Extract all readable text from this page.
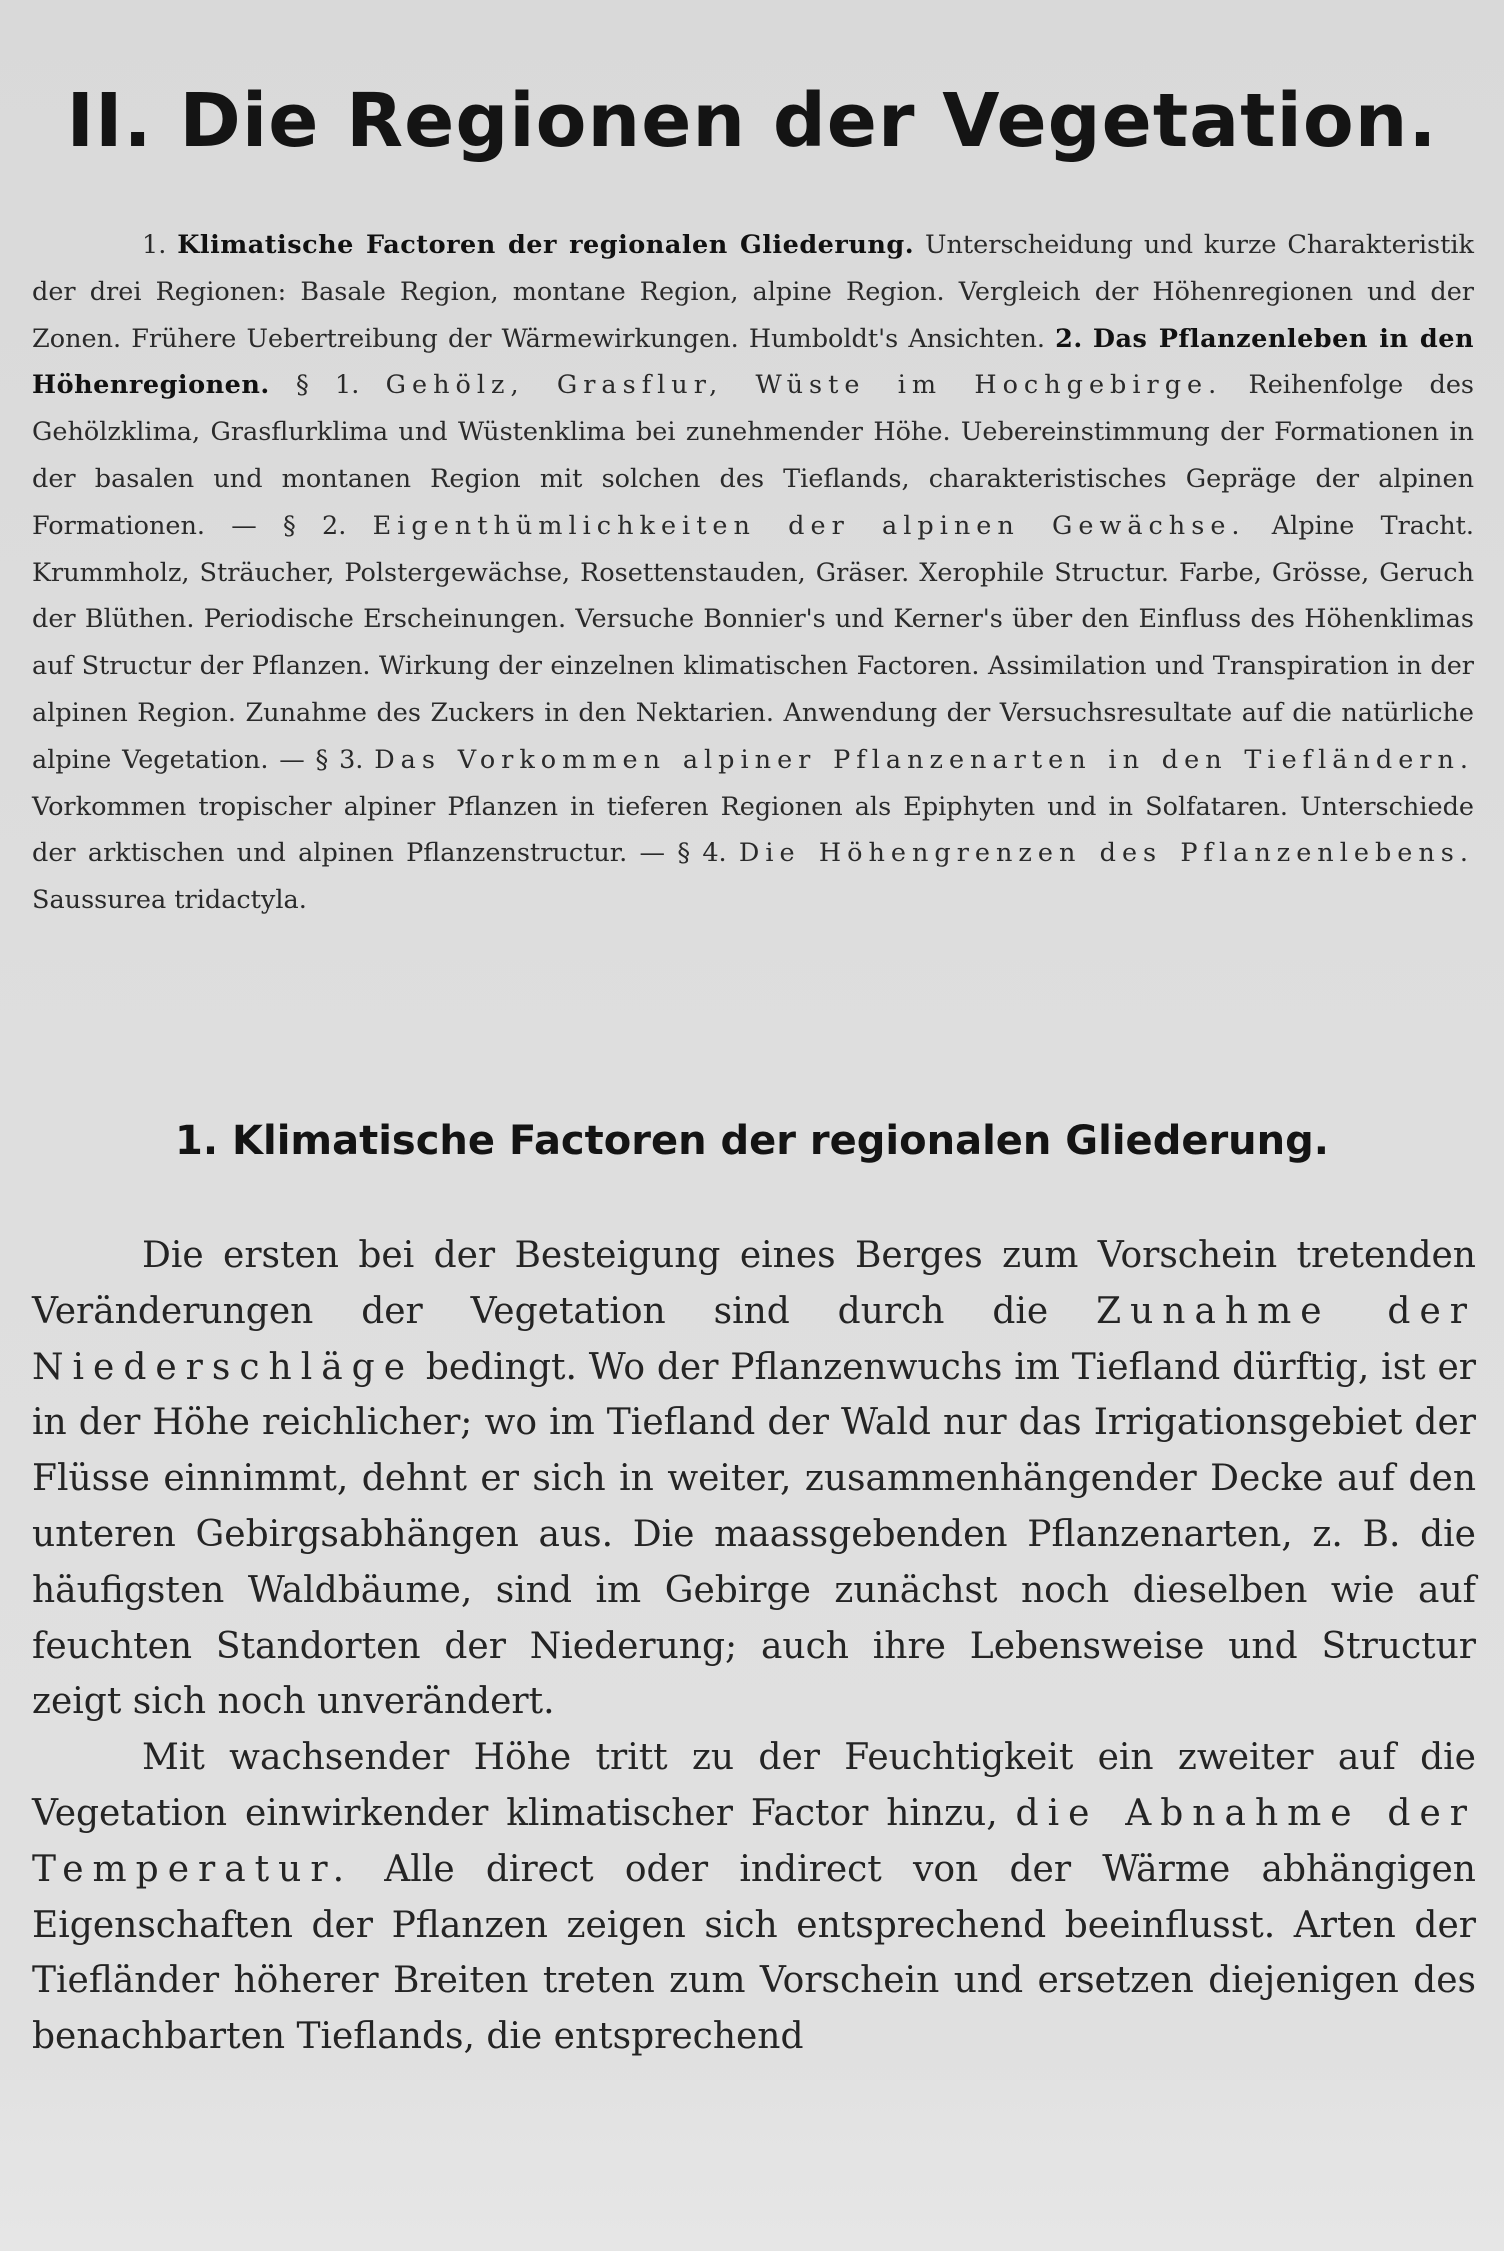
II. Die Regionen der Vegetation.

1. Klimatische Factoren der regionalen Gliederung. Unterscheidung und kurze Charakteristik der drei Regionen: Basale Region, montane Region, alpine Region. Vergleich der Höhenregionen und der Zonen. Frühere Uebertreibung der Wärmewirkungen. Humboldt's Ansichten. 2. Das Pflanzenleben in den Höhenregionen. § 1. Gehölz, Grasflur, Wüste im Hochgebirge. Reihenfolge des Gehölzklima, Grasflurklima und Wüstenklima bei zunehmender Höhe. Uebereinstimmung der Formationen in der basalen und montanen Region mit solchen des Tieflands, charakteristisches Gepräge der alpinen Formationen. — § 2. Eigenthümlichkeiten der alpinen Gewächse. Alpine Tracht. Krummholz, Sträucher, Polstergewächse, Rosettenstauden, Gräser. Xerophile Structur. Farbe, Grösse, Geruch der Blüthen. Periodische Erscheinungen. Versuche Bonnier's und Kerner's über den Einfluss des Höhenklimas auf Structur der Pflanzen. Wirkung der einzelnen klimatischen Factoren. Assimilation und Transpiration in der alpinen Region. Zunahme des Zuckers in den Nektarien. Anwendung der Versuchsresultate auf die natürliche alpine Vegetation. — § 3. Das Vorkommen alpiner Pflanzenarten in den Tiefländern. Vorkommen tropischer alpiner Pflanzen in tieferen Regionen als Epiphyten und in Solfataren. Unterschiede der arktischen und alpinen Pflanzenstructur. — § 4. Die Höhengrenzen des Pflanzenlebens. Saussurea tridactyla.

1. Klimatische Factoren der regionalen Gliederung.

Die ersten bei der Besteigung eines Berges zum Vorschein tretenden Veränderungen der Vegetation sind durch die Zunahme der Niederschläge bedingt. Wo der Pflanzenwuchs im Tiefland dürftig, ist er in der Höhe reichlicher; wo im Tiefland der Wald nur das Irrigationsgebiet der Flüsse einnimmt, dehnt er sich in weiter, zusammenhängender Decke auf den unteren Gebirgsabhängen aus. Die maassgebenden Pflanzenarten, z. B. die häufigsten Waldbäume, sind im Gebirge zunächst noch dieselben wie auf feuchten Standorten der Niederung; auch ihre Lebensweise und Structur zeigt sich noch unverändert.

Mit wachsender Höhe tritt zu der Feuchtigkeit ein zweiter auf die Vegetation einwirkender klimatischer Factor hinzu, die Abnahme der Temperatur. Alle direct oder indirect von der Wärme abhängigen Eigenschaften der Pflanzen zeigen sich entsprechend beeinflusst. Arten der Tiefländer höherer Breiten treten zum Vorschein und ersetzen diejenigen des benachbarten Tieflands, die entsprechend
